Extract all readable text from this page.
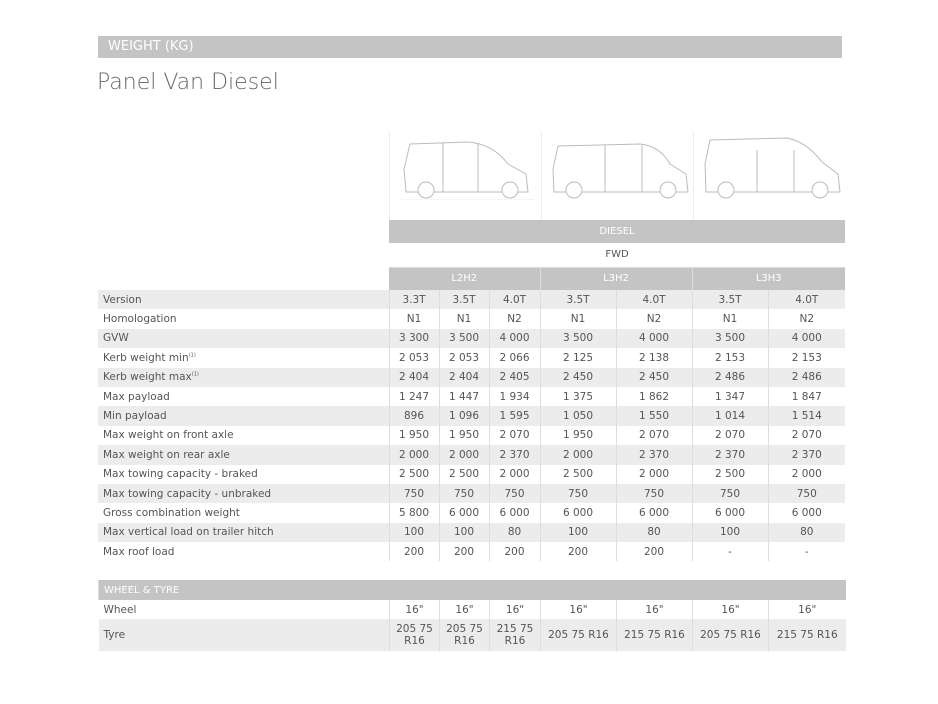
WEIGHT (KG)
Panel Van Diesel
	DIESEL						
	FWD						
	L2H2			L3H2		L3H3	
Version	3.3T	3.5T	4.0T	3.5T	4.0T	3.5T	4.0T
Homologation	N1	N1	N2	N1	N2	N1	N2
GVW	3 300	3 500	4 000	3 500	4 000	3 500	4 000
Kerb weight $\min^{(1)}$	2 053	2 053	2 066	2 125	2 138	2 153	2 153
Kerb weight $\max^{(1)}$	2 404	2 404	2 405	2 450	2 450	2 486	2 486
Max payload	1 247	1 447	1 934	1 375	1 862	1 347	1 847
Min payload	896	1 096	1 595	1 050	1 550	1 014	1 514
Max weight on front axle	1 950	1 950	2 070	1 950	2 070	2 070	2 070
Max weight on rear axle	2 000	2 000	2 370	2 000	2 370	2 370	2 370
Max towing capacity - braked	2 500	2 500	2 000	2 500	2 000	2 500	2 000
Max towing capacity - unbraked	750	750	750	750	750	750	750
Gross combination weight	5 800	6 000	6 000	6 000	6 000	6 000	6 000
Max vertical load on trailer hitch	100	100	80	100	80	100	80
Max roof load	200	200	200	200	200	-	-
WHEEL & TYRE							
Wheel	16"	16"	16"	16"	16"	16"	16"
Tyre	205 75 R16	205 75 R16	215 75 R16	205 75 R16	215 75 R16	205 75 R16	215 75 R16
